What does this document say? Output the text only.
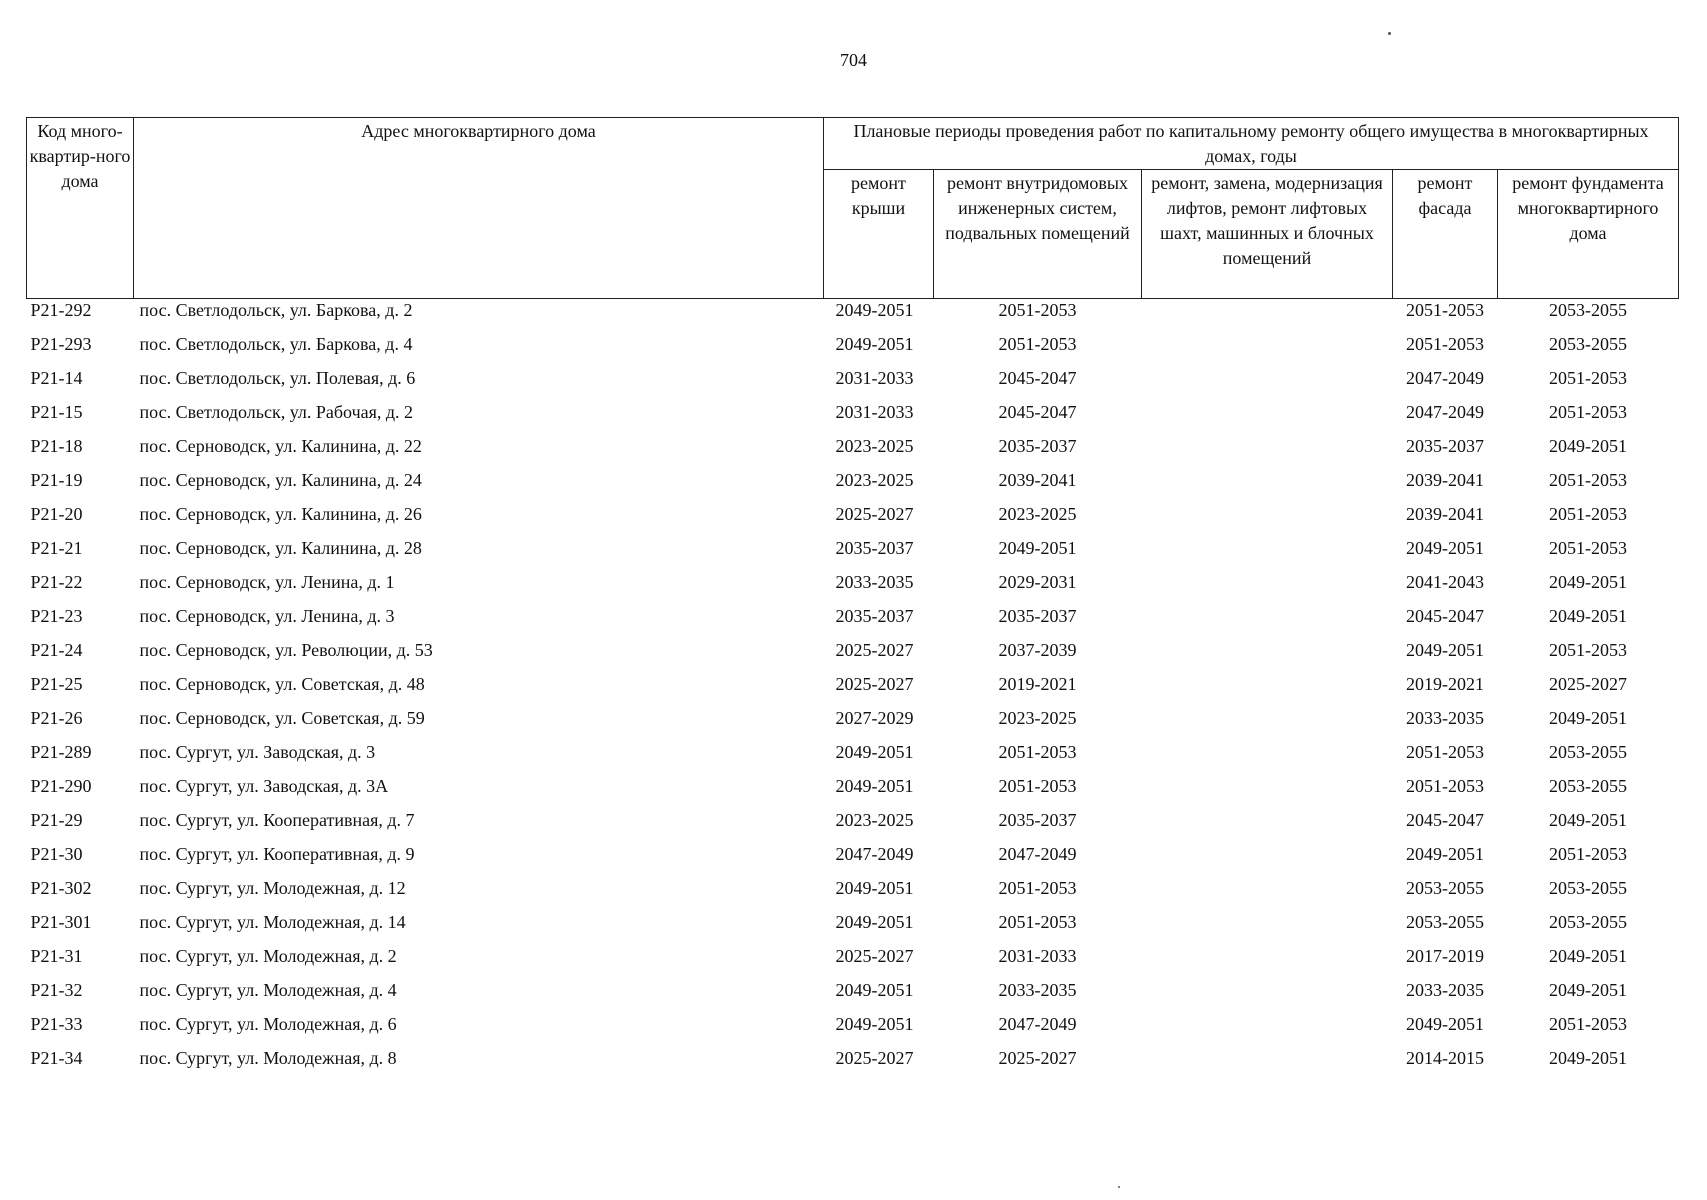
704
Код много-квартир-ного дома	Адрес многоквартирного дома	Плановые периоды проведения работ по капитальному ремонту общего имущества в многоквартирных домах, годы				
		ремонт крыши	ремонт внутридомовых инженерных систем, подвальных помещений	ремонт, замена, модернизация лифтов, ремонт лифтовых шахт, машинных и блочных помещений	ремонт фасада	ремонт фундамента многоквартирного дома
Р21-292	пос. Светлодольск, ул. Баркова, д. 2	2049-2051	2051-2053		2051-2053	2053-2055
Р21-293	пос. Светлодольск, ул. Баркова, д. 4	2049-2051	2051-2053		2051-2053	2053-2055
Р21-14	пос. Светлодольск, ул. Полевая, д. 6	2031-2033	2045-2047		2047-2049	2051-2053
Р21-15	пос. Светлодольск, ул. Рабочая, д. 2	2031-2033	2045-2047		2047-2049	2051-2053
Р21-18	пос. Серноводск, ул. Калинина, д. 22	2023-2025	2035-2037		2035-2037	2049-2051
Р21-19	пос. Серноводск, ул. Калинина, д. 24	2023-2025	2039-2041		2039-2041	2051-2053
Р21-20	пос. Серноводск, ул. Калинина, д. 26	2025-2027	2023-2025		2039-2041	2051-2053
Р21-21	пос. Серноводск, ул. Калинина, д. 28	2035-2037	2049-2051		2049-2051	2051-2053
Р21-22	пос. Серноводск, ул. Ленина, д. 1	2033-2035	2029-2031		2041-2043	2049-2051
Р21-23	пос. Серноводск, ул. Ленина, д. 3	2035-2037	2035-2037		2045-2047	2049-2051
Р21-24	пос. Серноводск, ул. Революции, д. 53	2025-2027	2037-2039		2049-2051	2051-2053
Р21-25	пос. Серноводск, ул. Советская, д. 48	2025-2027	2019-2021		2019-2021	2025-2027
Р21-26	пос. Серноводск, ул. Советская, д. 59	2027-2029	2023-2025		2033-2035	2049-2051
Р21-289	пос. Сургут, ул. Заводская, д. 3	2049-2051	2051-2053		2051-2053	2053-2055
Р21-290	пос. Сургут, ул. Заводская, д. 3А	2049-2051	2051-2053		2051-2053	2053-2055
Р21-29	пос. Сургут, ул. Кооперативная, д. 7	2023-2025	2035-2037		2045-2047	2049-2051
Р21-30	пос. Сургут, ул. Кооперативная, д. 9	2047-2049	2047-2049		2049-2051	2051-2053
Р21-302	пос. Сургут, ул. Молодежная, д. 12	2049-2051	2051-2053		2053-2055	2053-2055
Р21-301	пос. Сургут, ул. Молодежная, д. 14	2049-2051	2051-2053		2053-2055	2053-2055
Р21-31	пос. Сургут, ул. Молодежная, д. 2	2025-2027	2031-2033		2017-2019	2049-2051
Р21-32	пос. Сургут, ул. Молодежная, д. 4	2049-2051	2033-2035		2033-2035	2049-2051
Р21-33	пос. Сургут, ул. Молодежная, д. 6	2049-2051	2047-2049		2049-2051	2051-2053
Р21-34	пос. Сургут, ул. Молодежная, д. 8	2025-2027	2025-2027		2014-2015	2049-2051
